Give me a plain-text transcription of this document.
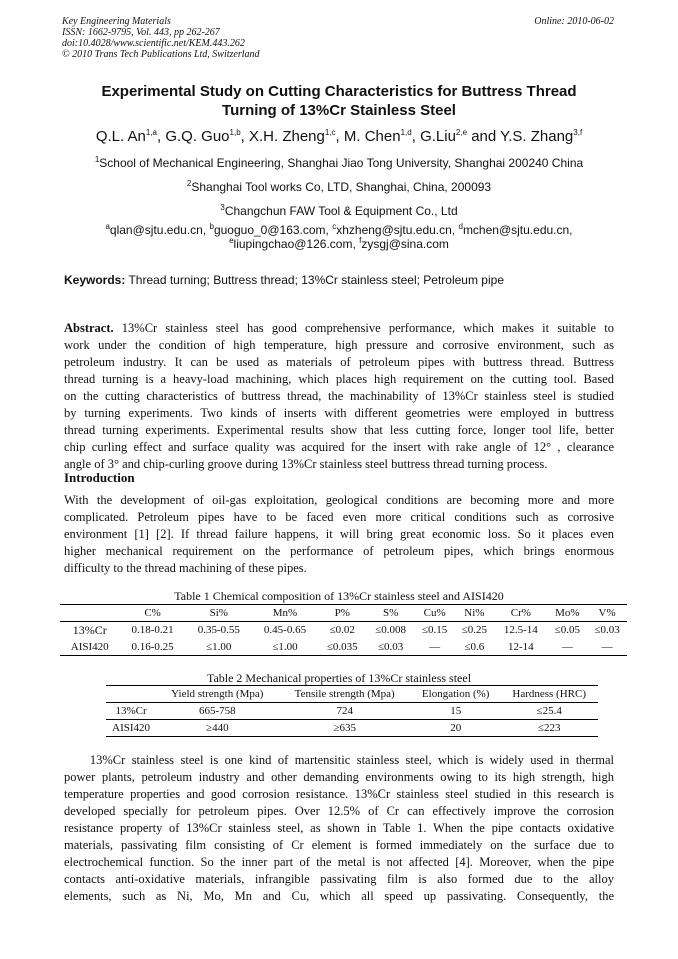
Key Engineering Materials
ISSN: 1662-9795, Vol. 443, pp 262-267
doi:10.4028/www.scientific.net/KEM.443.262
© 2010 Trans Tech Publications Ltd, Switzerland
Online: 2010-06-02
Experimental Study on Cutting Characteristics for Buttress Thread
Turning of 13%Cr Stainless Steel
Q.L. An$^{1,a}$, G.Q. Guo$^{1,b}$, X.H. Zheng$^{1,c}$, M. Chen$^{1,d}$, G.Liu$^{2,e}$ and Y.S. Zhang$^{3,f}$
$^1$School of Mechanical Engineering, Shanghai Jiao Tong University, Shanghai 200240 China
$^2$Shanghai Tool works Co, LTD, Shanghai, China, 200093
$^3$Changchun FAW Tool & Equipment Co., Ltd
$^a$qlan@sjtu.edu.cn, $^b$guoguo_0@163.com, $^c$xhzheng@sjtu.edu.cn, $^d$mchen@sjtu.edu.cn,
$^e$liupingchao@126.com, $^f$zysgj@sina.com
Keywords: Thread turning; Buttress thread; 13%Cr stainless steel; Petroleum pipe
Abstract. 13%Cr stainless steel has good comprehensive performance, which makes it suitable to
work under the condition of high temperature, high pressure and corrosive environment, such as
petroleum industry. It can be used as materials of petroleum pipes with buttress thread. Buttress
thread turning is a heavy-load machining, which places high requirement on the cutting tool. Based
on the cutting characteristics of buttress thread, the machinability of 13%Cr stainless steel is studied
by turning experiments. Two kinds of inserts with different geometries were employed in buttress
thread turning experiments. Experimental results show that less cutting force, longer tool life, better
chip curling effect and surface quality was acquired for the insert with rake angle of 12° , clearance
angle of 3° and chip-curling groove during 13%Cr stainless steel buttress thread turning process.
Introduction
With the development of oil-gas exploitation, geological conditions are becoming more and more
complicated. Petroleum pipes have to be faced even more critical conditions such as corrosive
environment [1] [2]. If thread failure happens, it will bring great economic loss. So it places even
higher mechanical requirement on the performance of petroleum pipes, which brings enormous
difficulty to the thread machining of these pipes.
Table 1 Chemical composition of 13%Cr stainless steel and AISI420
	C%	Si%	Mn%	P%	S%	Cu%	Ni%	Cr%	Mo%	V%
13%Cr	0.18-0.21	0.35-0.55	0.45-0.65	≤0.02	≤0.008	≤0.15	≤0.25	12.5-14	≤0.05	≤0.03
AISI420	0.16-0.25	≤1.00	≤1.00	≤0.035	≤0.03	—	≤0.6	12-14	—	—
Table 2 Mechanical properties of 13%Cr stainless steel
	Yield strength (Mpa)	Tensile strength (Mpa)	Elongation (%)	Hardness (HRC)
13%Cr	665-758	724	15	≤25.4
AISI420	≥440	≥635	20	≤223
13%Cr stainless steel is one kind of martensitic stainless steel, which is widely used in thermal
power plants, petroleum industry and other demanding environments owing to its high strength, high
temperature properties and good corrosion resistance. 13%Cr stainless steel studied in this research is
developed specially for petroleum pipes. Over 12.5% of Cr can effectively improve the corrosion
resistance property of 13%Cr stainless steel, as shown in Table 1. When the pipe contacts oxidative
materials, passivating film consisting of Cr element is formed immediately on the surface due to
electrochemical function. So the inner part of the metal is not affected [4]. Moreover, when the pipe
contacts anti-oxidative materials, infrangible passivating film is also formed due to the alloy
elements, such as Ni, Mo, Mn and Cu, which all speed up passivating. Consequently, the
